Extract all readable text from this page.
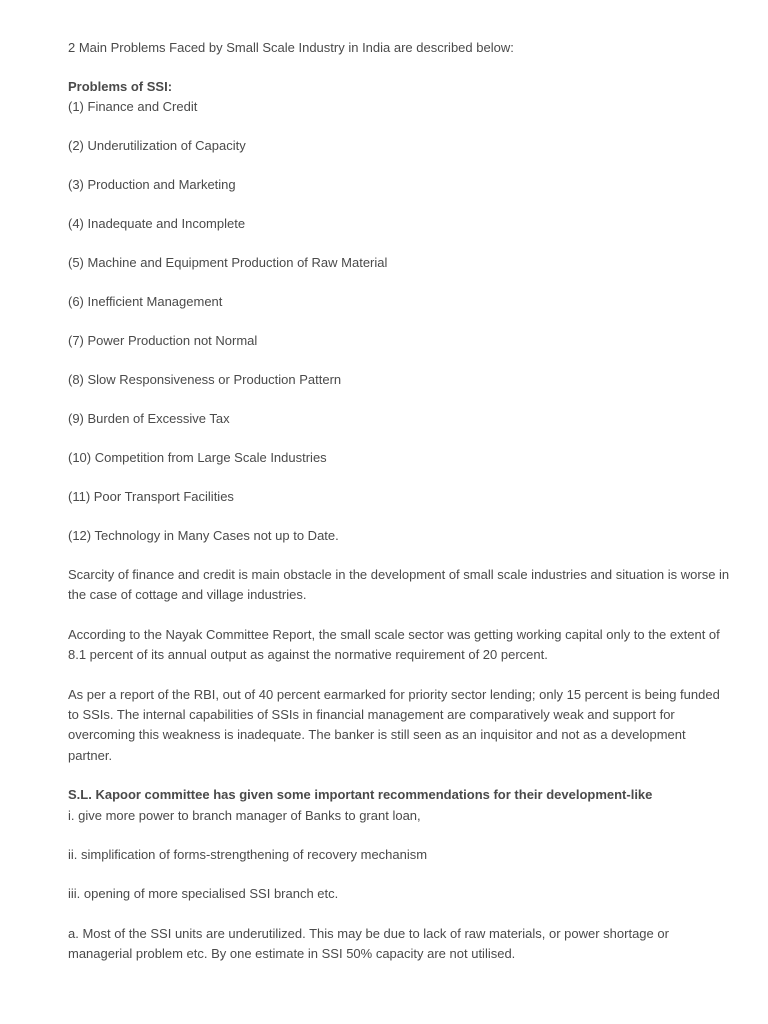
2 Main Problems Faced by Small Scale Industry in India are described below:

Problems of SSI:

(1) Finance and Credit
(2) Underutilization of Capacity
(3) Production and Marketing
(4) Inadequate and Incomplete
(5) Machine and Equipment Production of Raw Material
(6) Inefficient Management
(7) Power Production not Normal
(8) Slow Responsiveness or Production Pattern
(9) Burden of Excessive Tax
(10) Competition from Large Scale Industries
(11) Poor Transport Facilities
(12) Technology in Many Cases not up to Date.

Scarcity of finance and credit is main obstacle in the development of small scale industries and situation is worse in the case of cottage and village industries.

According to the Nayak Committee Report, the small scale sector was getting working capital only to the extent of 8.1 percent of its annual output as against the normative requirement of 20 percent.

As per a report of the RBI, out of 40 percent earmarked for priority sector lending; only 15 percent is being funded to SSIs. The internal capabilities of SSIs in financial management are comparatively weak and support for overcoming this weakness is inadequate. The banker is still seen as an inquisitor and not as a development partner.

S.L. Kapoor committee has given some important recommendations for their development-like

i. give more power to branch manager of Banks to grant loan,
ii. simplification of forms-strengthening of recovery mechanism
iii. opening of more specialised SSI branch etc.

a. Most of the SSI units are underutilized. This may be due to lack of raw materials, or power shortage or managerial problem etc. By one estimate in SSI 50% capacity are not utilised.
